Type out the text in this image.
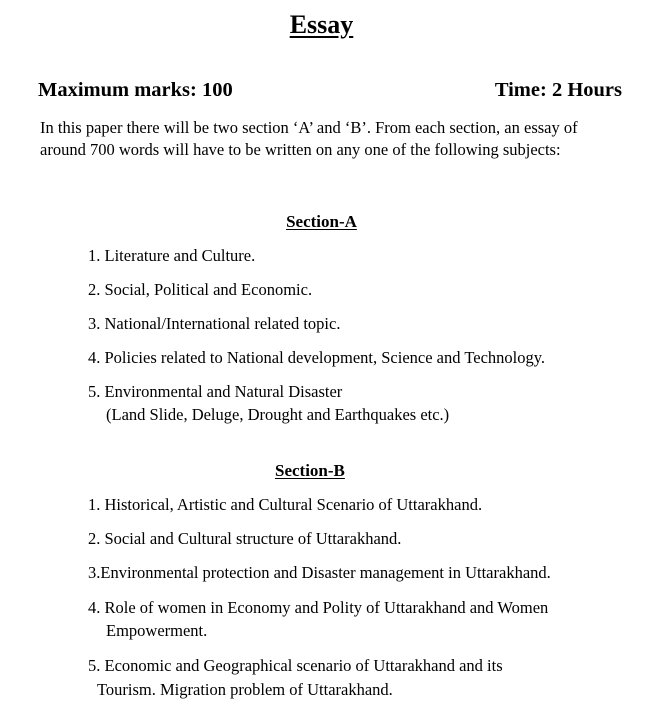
Essay
Maximum marks: 100	Time: 2 Hours
In this paper there will be two section ‘A’ and ‘B’. From each section, an essay of
around 700 words will have to be written on any one of the following subjects:
Section-A
1. Literature and Culture.
2. Social, Political and Economic.
3. National/International related topic.
4. Policies related to National development, Science and Technology.
5. Environmental and Natural Disaster
(Land Slide, Deluge, Drought and Earthquakes etc.)
Section-B
1. Historical, Artistic and Cultural Scenario of Uttarakhand.
2. Social and Cultural structure of Uttarakhand.
3.Environmental protection and Disaster management in Uttarakhand.
4. Role of women in Economy and Polity of Uttarakhand and Women
Empowerment.
5. Economic and Geographical scenario of Uttarakhand and its
Tourism. Migration problem of Uttarakhand.
